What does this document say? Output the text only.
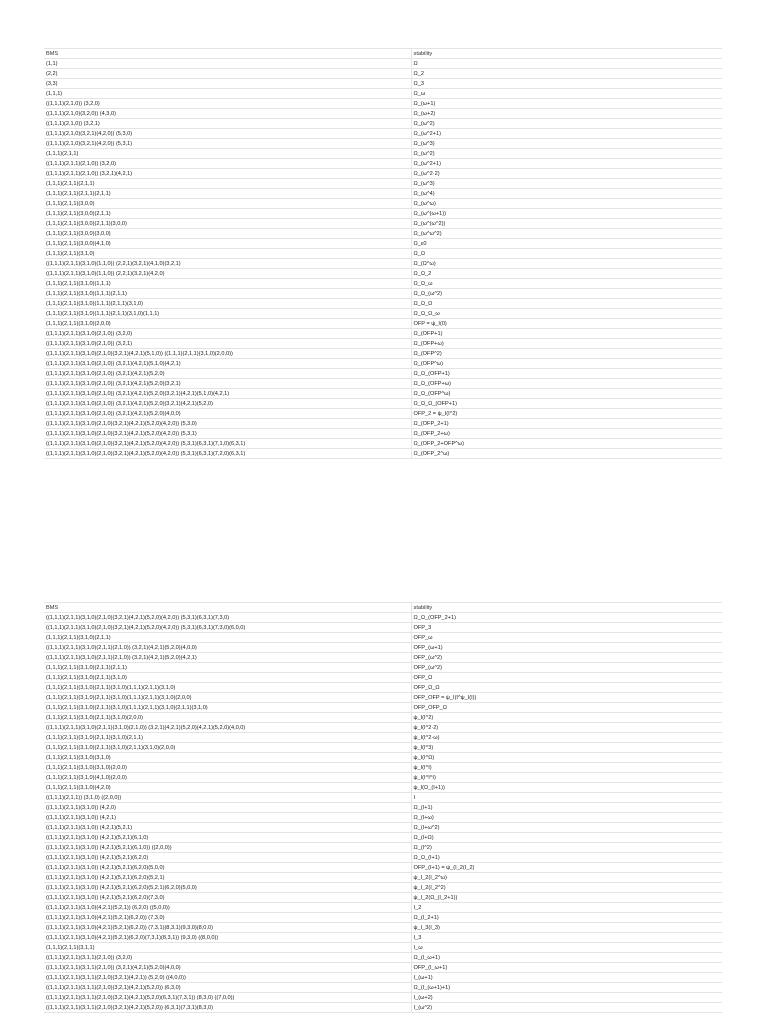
BMS	stability
(1,1)	Ω
(2,2)	Ω_2
(3,3)	Ω_3
(1,1,1)	Ω_ω
((1,1,1)(2,1,0)) (3,2,0)	Ω_(ω+1)
((1,1,1)(2,1,0)(3,2,0)) (4,3,0)	Ω_(ω+2)
((1,1,1)(2,1,0)) (3,2,1)	Ω_(ω^2)
((1,1,1)(2,1,0)(3,2,1)(4,2,0)) (5,3,0)	Ω_(ω^2+1)
((1,1,1)(2,1,0)(3,2,1)(4,2,0)) (5,3,1)	Ω_(ω^3)
(1,1,1)(2,1,1)	Ω_(ω^2)
((1,1,1)(2,1,1)(2,1,0)) (3,2,0)	Ω_(ω^2+1)
((1,1,1)(2,1,1)(2,1,0)) (3,2,1)(4,2,1)	Ω_(ω^2·2)
(1,1,1)(2,1,1)(2,1,1)	Ω_(ω^3)
(1,1,1)(2,1,1)(2,1,1)(2,1,1)	Ω_(ω^4)
(1,1,1)(2,1,1)(3,0,0)	Ω_(ω^ω)
(1,1,1)(2,1,1)(3,0,0)(2,1,1)	Ω_(ω^(ω+1))
(1,1,1)(2,1,1)(3,0,0)(2,1,1)(3,0,0)	Ω_(ω^(ω^2))
(1,1,1)(2,1,1)(3,0,0)(3,0,0)	Ω_(ω^ω^2)
(1,1,1)(2,1,1)(3,0,0)(4,1,0)	Ω_ε0
(1,1,1)(2,1,1)(3,1,0)	Ω_Ω
((1,1,1)(2,1,1)(3,1,0)(1,1,0)) (2,2,1)(3,2,1)(4,1,0)(3,2,1)	Ω_(Ω^ω)
((1,1,1)(2,1,1)(3,1,0)(1,1,0)) (2,2,1)(3,2,1)(4,2,0)	Ω_Ω_2
(1,1,1)(2,1,1)(3,1,0)(1,1,1)	Ω_Ω_ω
(1,1,1)(2,1,1)(3,1,0)(1,1,1)(2,1,1)	Ω_Ω_(ω^2)
(1,1,1)(2,1,1)(3,1,0)(1,1,1)(2,1,1)(3,1,0)	Ω_Ω_Ω
(1,1,1)(2,1,1)(3,1,0)(1,1,1)(2,1,1)(3,1,0)(1,1,1)	Ω_Ω_Ω_ω
(1,1,1)(2,1,1)(3,1,0)(2,0,0)	OFP = ψ_I(0)
((1,1,1)(2,1,1)(3,1,0)(2,1,0)) (3,2,0)	Ω_(OFP+1)
((1,1,1)(2,1,1)(3,1,0)(2,1,0)) (3,2,1)	Ω_(OFP+ω)
((1,1,1)(2,1,1)(3,1,0)(2,1,0)(3,2,1)(4,2,1)(5,1,0)) ((1,1,1)(2,1,1)(3,1,0)(2,0,0))	Ω_(OFP^2)
((1,1,1)(2,1,1)(3,1,0)(2,1,0)) (3,2,1)(4,2,1)(5,1,0)(4,2,1)	Ω_(OFP^ω)
((1,1,1)(2,1,1)(3,1,0)(2,1,0)) (3,2,1)(4,2,1)(5,2,0)	Ω_Ω_(OFP+1)
((1,1,1)(2,1,1)(3,1,0)(2,1,0)) (3,2,1)(4,2,1)(5,2,0)(3,2,1)	Ω_Ω_(OFP+ω)
((1,1,1)(2,1,1)(3,1,0)(2,1,0)) (3,2,1)(4,2,1)(5,2,0)(3,2,1)(4,2,1)(5,1,0)(4,2,1)	Ω_Ω_(OFP^ω)
((1,1,1)(2,1,1)(3,1,0)(2,1,0)) (3,2,1)(4,2,1)(5,2,0)(3,2,1)(4,2,1)(5,2,0)	Ω_Ω_Ω_(OFP+1)
((1,1,1)(2,1,1)(3,1,0)(2,1,0)) (3,2,1)(4,2,1)(5,2,0)(4,0,0)	OFP_2 = ψ_I(I^2)
((1,1,1)(2,1,1)(3,1,0)(2,1,0)(3,2,1)(4,2,1)(5,2,0)(4,2,0)) (5,3,0)	Ω_(OFP_2+1)
((1,1,1)(2,1,1)(3,1,0)(2,1,0)(3,2,1)(4,2,1)(5,2,0)(4,2,0)) (5,3,1)	Ω_(OFP_2+ω)
((1,1,1)(2,1,1)(3,1,0)(2,1,0)(3,2,1)(4,2,1)(5,2,0)(4,2,0)) (5,3,1)(6,3,1)(7,1,0)(6,3,1)	Ω_(OFP_2+OFP^ω)
((1,1,1)(2,1,1)(3,1,0)(2,1,0)(3,2,1)(4,2,1)(5,2,0)(4,2,0)) (5,3,1)(6,3,1)(7,2,0)(6,3,1)	Ω_(OFP_2^ω)
BMS	stability
((1,1,1)(2,1,1)(3,1,0)(2,1,0)(3,2,1)(4,2,1)(5,2,0)(4,2,0)) (5,3,1)(6,3,1)(7,3,0)	Ω_Ω_(OFP_2+1)
((1,1,1)(2,1,1)(3,1,0)(2,1,0)(3,2,1)(4,2,1)(5,2,0)(4,2,0)) (5,3,1)(6,3,1)(7,3,0)(6,0,0)	OFP_3
(1,1,1)(2,1,1)(3,1,0)(2,1,1)	OFP_ω
((1,1,1)(2,1,1)(3,1,0)(2,1,1)(2,1,0)) (3,2,1)(4,2,1)(5,2,0)(4,0,0)	OFP_(ω+1)
((1,1,1)(2,1,1)(3,1,0)(2,1,1)(2,1,0)) (3,2,1)(4,2,1)(5,2,0)(4,2,1)	OFP_(ω^2)
(1,1,1)(2,1,1)(3,1,0)(2,1,1)(2,1,1)	OFP_(ω^2)
(1,1,1)(2,1,1)(3,1,0)(2,1,1)(3,1,0)	OFP_Ω
(1,1,1)(2,1,1)(3,1,0)(2,1,1)(3,1,0)(1,1,1)(2,1,1)(3,1,0)	OFP_Ω_Ω
(1,1,1)(2,1,1)(3,1,0)(2,1,1)(3,1,0)(1,1,1)(2,1,1)(3,1,0)(2,0,0)	OFP_OFP = ψ_I(I^ψ_I(I))
(1,1,1)(2,1,1)(3,1,0)(2,1,1)(3,1,0)(1,1,1)(2,1,1)(3,1,0)(2,1,1)(3,1,0)	OFP_OFP_Ω
(1,1,1)(2,1,1)(3,1,0)(2,1,1)(3,1,0)(2,0,0)	ψ_I(I^2)
((1,1,1)(2,1,1)(3,1,0)(2,1,1)(3,1,0)(2,1,0)) (3,2,1)(4,2,1)(5,2,0)(4,2,1)(5,2,0)(4,0,0)	ψ_I(I^2·2)
(1,1,1)(2,1,1)(3,1,0)(2,1,1)(3,1,0)(2,1,1)	ψ_I(I^2·ω)
(1,1,1)(2,1,1)(3,1,0)(2,1,1)(3,1,0)(2,1,1)(3,1,0)(2,0,0)	ψ_I(I^3)
(1,1,1)(2,1,1)(3,1,0)(3,1,0)	ψ_I(I^Ω)
(1,1,1)(2,1,1)(3,1,0)(3,1,0)(2,0,0)	ψ_I(I^I)
(1,1,1)(2,1,1)(3,1,0)(4,1,0)(2,0,0)	ψ_I(I^I^I)
(1,1,1)(2,1,1)(3,1,0)(4,2,0)	ψ_I(Ω_(I+1))
((1,1,1)(2,1,1)) (3,1,0) ((2,0,0))	I
((1,1,1)(2,1,1)(3,1,0)) (4,2,0)	Ω_(I+1)
((1,1,1)(2,1,1)(3,1,0)) (4,2,1)	Ω_(I+ω)
((1,1,1)(2,1,1)(3,1,0)) (4,2,1)(5,2,1)	Ω_(I+ω^2)
((1,1,1)(2,1,1)(3,1,0)) (4,2,1)(5,2,1)(6,1,0)	Ω_(I+Ω)
((1,1,1)(2,1,1)(3,1,0)) (4,2,1)(5,2,1)(6,1,0)) ((2,0,0))	Ω_(I^2)
((1,1,1)(2,1,1)(3,1,0)) (4,2,1)(5,2,1)(6,2,0)	Ω_Ω_(I+1)
((1,1,1)(2,1,1)(3,1,0)) (4,2,1)(5,2,1)(6,2,0)(5,0,0)	OFP_(I+1) = ψ_(I_2(I_2)
((1,1,1)(2,1,1)(3,1,0)) (4,2,1)(5,2,1)(6,2,0)(5,2,1)	ψ_I_2(I_2^ω)
((1,1,1)(2,1,1)(3,1,0)) (4,2,1)(5,2,1)(6,2,0)(5,2,1)(6,2,0)(5,0,0)	ψ_I_2(I_2^2)
((1,1,1)(2,1,1)(3,1,0)) (4,2,1)(5,2,1)(6,2,0)(7,3,0)	ψ_I_2(Ω_(I_2+1))
((1,1,1)(2,1,1)(3,1,0)(4,2,1)(5,2,1)) (6,2,0) ((5,0,0))	I_2
((1,1,1)(2,1,1)(3,1,0)(4,2,1)(5,2,1)(6,2,0)) (7,3,0)	Ω_(I_2+1)
((1,1,1)(2,1,1)(3,1,0)(4,2,1)(5,2,1)(6,2,0)) (7,3,1)(8,3,1)(9,3,0)(8,0,0)	ψ_I_3(I_3)
((1,1,1)(2,1,1)(3,1,0)(4,2,1)(5,2,1)(6,2,0)(7,3,1)(8,3,1)) (9,3,0) ((8,0,0))	I_3
(1,1,1)(2,1,1)(3,1,1)	I_ω
((1,1,1)(2,1,1)(3,1,1)(2,1,0)) (3,2,0)	Ω_(I_ω+1)
((1,1,1)(2,1,1)(3,1,1)(2,1,0)) (3,2,1)(4,2,1)(5,2,0)(4,0,0)	OFP_(I_ω+1)
((1,1,1)(2,1,1)(3,1,1)(2,1,0)(3,2,1)(4,2,1)) (5,2,0) ((4,0,0))	I_(ω+1)
((1,1,1)(2,1,1)(3,1,1)(2,1,0)(3,2,1)(4,2,1)(5,2,0)) (6,3,0)	Ω_(I_(ω+1)+1)
((1,1,1)(2,1,1)(3,1,1)(2,1,0)(3,2,1)(4,2,1)(5,2,0)(6,3,1)(7,3,1)) (8,3,0) ((7,0,0))	I_(ω+2)
((1,1,1)(2,1,1)(3,1,1)(2,1,0)(3,2,1)(4,2,1)(5,2,0)) (6,3,1)(7,3,1)(8,3,0)	I_(ω^2)
